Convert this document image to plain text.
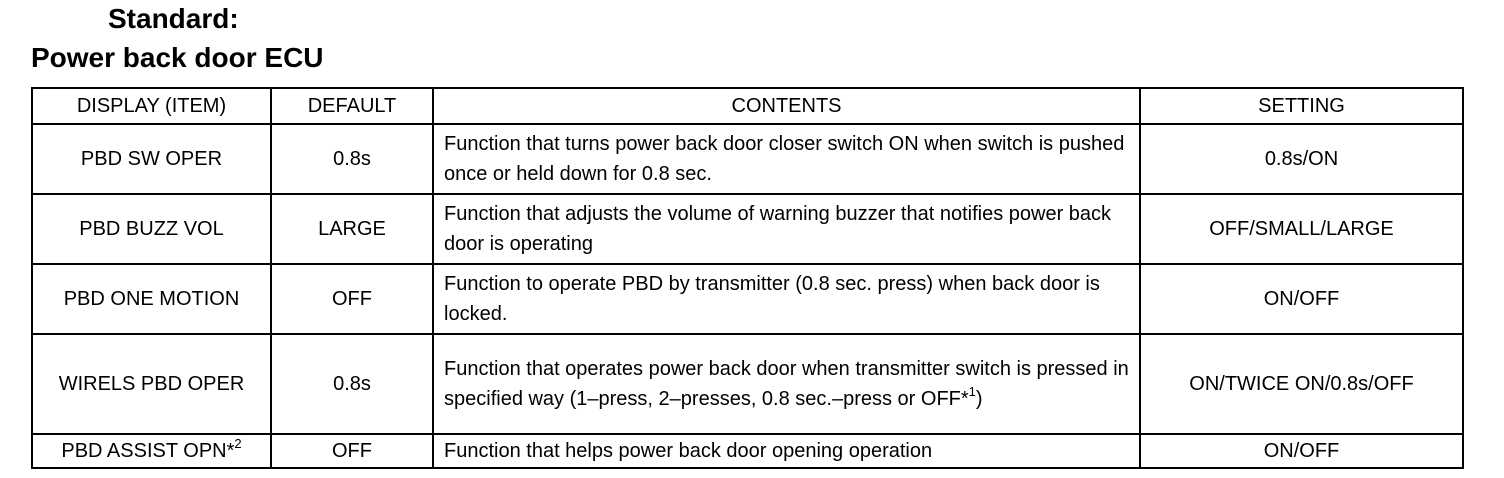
Standard:
Power back door ECU
DISPLAY (ITEM)	DEFAULT	CONTENTS	SETTING
PBD SW OPER	0.8s	Function that turns power back door closer switch ON when switch is pushed once or held down for 0.8 sec.	0.8s/ON
PBD BUZZ VOL	LARGE	Function that adjusts the volume of warning buzzer that notifies power back door is operating	OFF/SMALL/LARGE
PBD ONE MOTION	OFF	Function to operate PBD by transmitter (0.8 sec. press) when back door is locked.	ON/OFF
WIRELS PBD OPER	0.8s	Function that operates power back door when transmitter switch is pressed in specified way (1–press, 2–presses, 0.8 sec.–press or OFF*$^1$)	ON/TWICE ON/0.8s/OFF
PBD ASSIST OPN*$^2$	OFF	Function that helps power back door opening operation	ON/OFF
